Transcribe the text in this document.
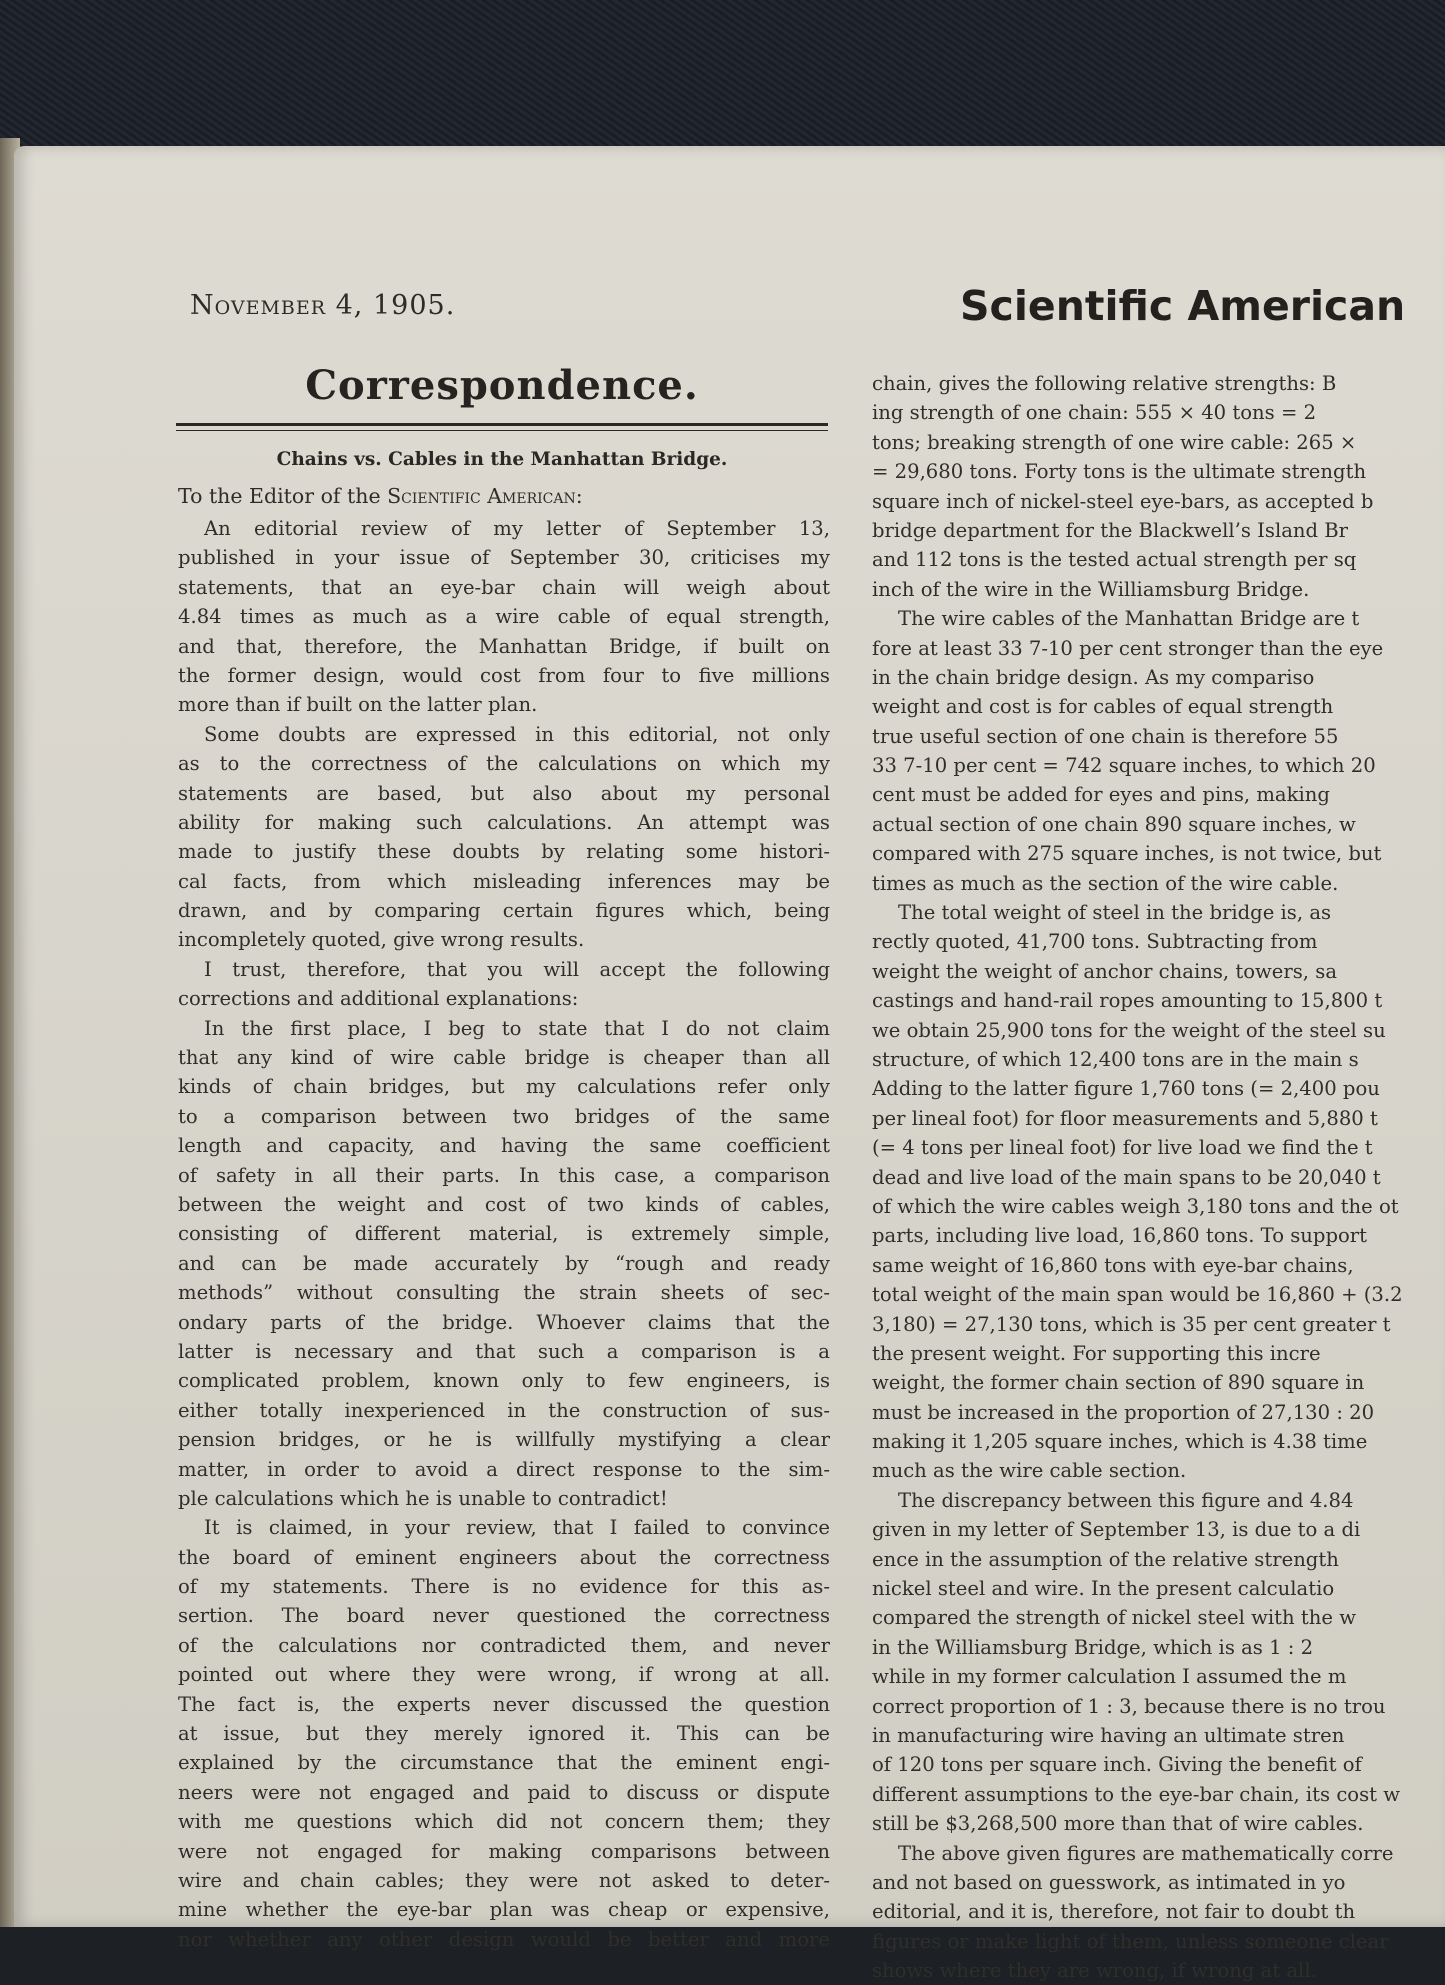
November 4, 1905.	Scientific American
Correspondence.
Chains vs. Cables in the Manhattan Bridge.
To the Editor of the Scientific American:
An editorial review of my letter of September 13,
published in your issue of September 30, criticises my
statements, that an eye-bar chain will weigh about
4.84 times as much as a wire cable of equal strength,
and that, therefore, the Manhattan Bridge, if built on
the former design, would cost from four to five millions
more than if built on the latter plan.
Some doubts are expressed in this editorial, not only
as to the correctness of the calculations on which my
statements are based, but also about my personal
ability for making such calculations. An attempt was
made to justify these doubts by relating some histori-
cal facts, from which misleading inferences may be
drawn, and by comparing certain figures which, being
incompletely quoted, give wrong results.
I trust, therefore, that you will accept the following
corrections and additional explanations:
In the first place, I beg to state that I do not claim
that any kind of wire cable bridge is cheaper than all
kinds of chain bridges, but my calculations refer only
to a comparison between two bridges of the same
length and capacity, and having the same coefficient
of safety in all their parts. In this case, a comparison
between the weight and cost of two kinds of cables,
consisting of different material, is extremely simple,
and can be made accurately by “rough and ready
methods” without consulting the strain sheets of sec-
ondary parts of the bridge. Whoever claims that the
latter is necessary and that such a comparison is a
complicated problem, known only to few engineers, is
either totally inexperienced in the construction of sus-
pension bridges, or he is willfully mystifying a clear
matter, in order to avoid a direct response to the sim-
ple calculations which he is unable to contradict!
It is claimed, in your review, that I failed to convince
the board of eminent engineers about the correctness
of my statements. There is no evidence for this as-
sertion. The board never questioned the correctness
of the calculations nor contradicted them, and never
pointed out where they were wrong, if wrong at all.
The fact is, the experts never discussed the question
at issue, but they merely ignored it. This can be
explained by the circumstance that the eminent engi-
neers were not engaged and paid to discuss or dispute
with me questions which did not concern them; they
were not engaged for making comparisons between
wire and chain cables; they were not asked to deter-
mine whether the eye-bar plan was cheap or expensive,
nor whether any other design would be better and more
chain, gives the following relative strengths: B
ing strength of one chain: 555 × 40 tons = 2
tons; breaking strength of one wire cable: 265 ×
= 29,680 tons. Forty tons is the ultimate strength
square inch of nickel-steel eye-bars, as accepted b
bridge department for the Blackwell’s Island Br
and 112 tons is the tested actual strength per sq
inch of the wire in the Williamsburg Bridge.
The wire cables of the Manhattan Bridge are t
fore at least 33 7-10 per cent stronger than the eye
in the chain bridge design. As my compariso
weight and cost is for cables of equal strength
true useful section of one chain is therefore 55
33 7-10 per cent = 742 square inches, to which 20
cent must be added for eyes and pins, making
actual section of one chain 890 square inches, w
compared with 275 square inches, is not twice, but
times as much as the section of the wire cable.
The total weight of steel in the bridge is, as
rectly quoted, 41,700 tons. Subtracting from
weight the weight of anchor chains, towers, sa
castings and hand-rail ropes amounting to 15,800 t
we obtain 25,900 tons for the weight of the steel su
structure, of which 12,400 tons are in the main s
Adding to the latter figure 1,760 tons (= 2,400 pou
per lineal foot) for floor measurements and 5,880 t
(= 4 tons per lineal foot) for live load we find the t
dead and live load of the main spans to be 20,040 t
of which the wire cables weigh 3,180 tons and the ot
parts, including live load, 16,860 tons. To support
same weight of 16,860 tons with eye-bar chains,
total weight of the main span would be 16,860 + (3.2
3,180) = 27,130 tons, which is 35 per cent greater t
the present weight. For supporting this incre
weight, the former chain section of 890 square in
must be increased in the proportion of 27,130 : 20
making it 1,205 square inches, which is 4.38 time
much as the wire cable section.
The discrepancy between this figure and 4.84
given in my letter of September 13, is due to a di
ence in the assumption of the relative strength
nickel steel and wire. In the present calculatio
compared the strength of nickel steel with the w
in the Williamsburg Bridge, which is as 1 : 2
while in my former calculation I assumed the m
correct proportion of 1 : 3, because there is no trou
in manufacturing wire having an ultimate stren
of 120 tons per square inch. Giving the benefit of
different assumptions to the eye-bar chain, its cost w
still be $3,268,500 more than that of wire cables.
The above given figures are mathematically corre
and not based on guesswork, as intimated in yo
editorial, and it is, therefore, not fair to doubt th
figures or make light of them, unless someone clear
shows where they are wrong, if wrong at all.
